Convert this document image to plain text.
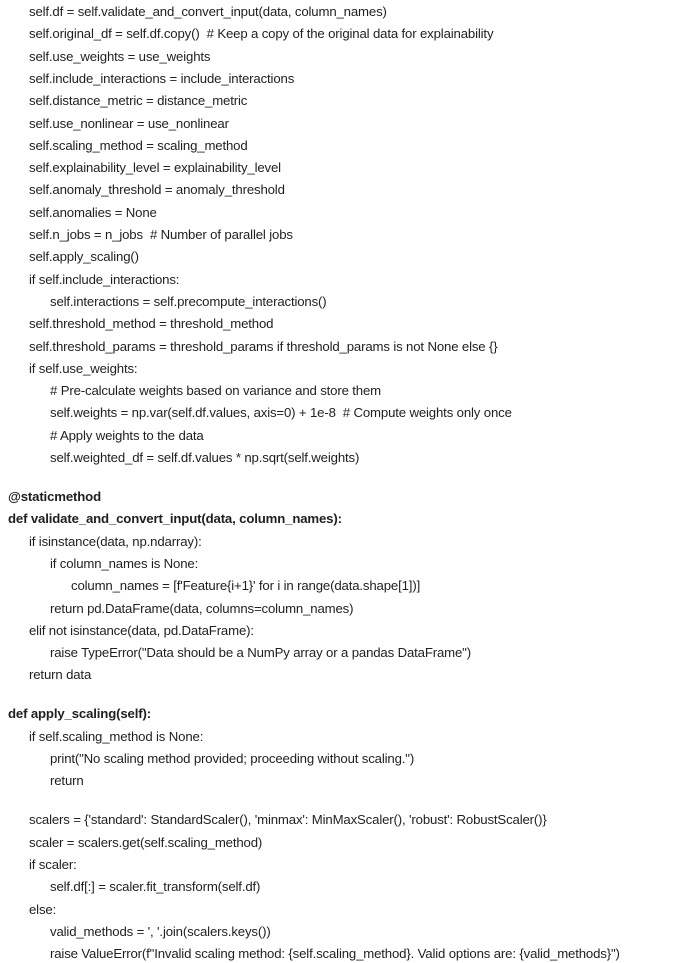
self.df = self.validate_and_convert_input(data, column_names)
self.original_df = self.df.copy()  # Keep a copy of the original data for explainability
self.use_weights = use_weights
self.include_interactions = include_interactions
self.distance_metric = distance_metric
self.use_nonlinear = use_nonlinear
self.scaling_method = scaling_method
self.explainability_level = explainability_level
self.anomaly_threshold = anomaly_threshold
self.anomalies = None
self.n_jobs = n_jobs  # Number of parallel jobs
self.apply_scaling()
if self.include_interactions:
self.interactions = self.precompute_interactions()
self.threshold_method = threshold_method
self.threshold_params = threshold_params if threshold_params is not None else {}
if self.use_weights:
# Pre-calculate weights based on variance and store them
self.weights = np.var(self.df.values, axis=0) + 1e-8  # Compute weights only once
# Apply weights to the data
self.weighted_df = self.df.values * np.sqrt(self.weights)
@staticmethod
def validate_and_convert_input(data, column_names):
if isinstance(data, np.ndarray):
if column_names is None:
column_names = [f'Feature{i+1}' for i in range(data.shape[1])]
return pd.DataFrame(data, columns=column_names)
elif not isinstance(data, pd.DataFrame):
raise TypeError("Data should be a NumPy array or a pandas DataFrame")
return data
def apply_scaling(self):
if self.scaling_method is None:
print("No scaling method provided; proceeding without scaling.")
return
scalers = {'standard': StandardScaler(), 'minmax': MinMaxScaler(), 'robust': RobustScaler()}
scaler = scalers.get(self.scaling_method)
if scaler:
self.df[:] = scaler.fit_transform(self.df)
else:
valid_methods = ', '.join(scalers.keys())
raise ValueError(f"Invalid scaling method: {self.scaling_method}. Valid options are: {valid_methods}")
